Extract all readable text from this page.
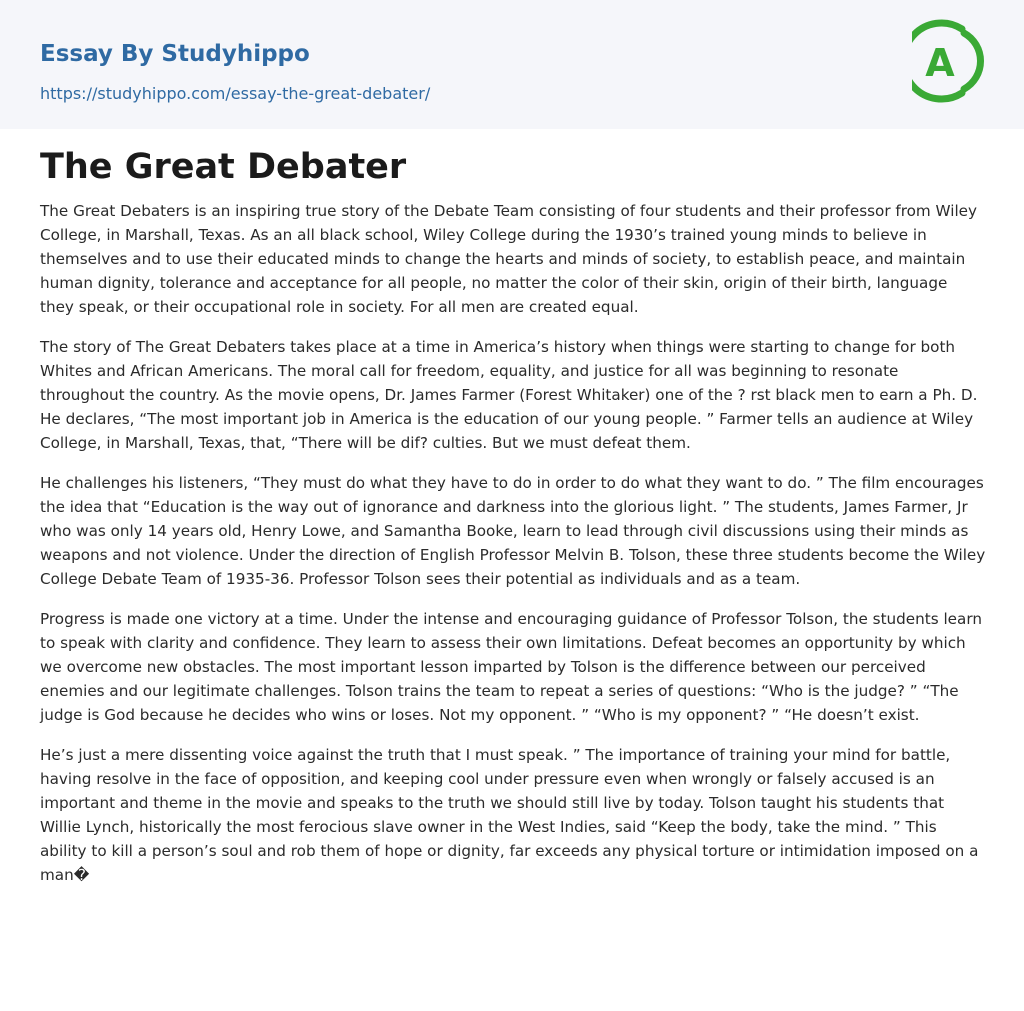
Essay By Studyhippo
https://studyhippo.com/essay-the-great-debater/
A
The Great Debater

The Great Debaters is an inspiring true story of the Debate Team consisting of four students and their professor from Wiley College, in Marshall, Texas. As an all black school, Wiley College during the 1930’s trained young minds to believe in themselves and to use their educated minds to change the hearts and minds of society, to establish peace, and maintain human dignity, tolerance and acceptance for all people, no matter the color of their skin, origin of their birth, language they speak, or their occupational role in society. For all men are created equal.

The story of The Great Debaters takes place at a time in America’s history when things were starting to change for both Whites and African Americans. The moral call for freedom, equality, and justice for all was beginning to resonate throughout the country. As the movie opens, Dr. James Farmer (Forest Whitaker) one of the ? rst black men to earn a Ph. D. He declares, “The most important job in America is the education of our young people. ” Farmer tells an audience at Wiley College, in Marshall, Texas, that, “There will be dif? culties. But we must defeat them.

He challenges his listeners, “They must do what they have to do in order to do what they want to do. ” The film encourages the idea that “Education is the way out of ignorance and darkness into the glorious light. ” The students, James Farmer, Jr who was only 14 years old, Henry Lowe, and Samantha Booke, learn to lead through civil discussions using their minds as weapons and not violence. Under the direction of English Professor Melvin B. Tolson, these three students become the Wiley College Debate Team of 1935-36. Professor Tolson sees their potential as individuals and as a team.

Progress is made one victory at a time. Under the intense and encouraging guidance of Professor Tolson, the students learn to speak with clarity and confidence. They learn to assess their own limitations. Defeat becomes an opportunity by which we overcome new obstacles. The most important lesson imparted by Tolson is the difference between our perceived enemies and our legitimate challenges. Tolson trains the team to repeat a series of questions: “Who is the judge? ” “The judge is God because he decides who wins or loses. Not my opponent. ” “Who is my opponent? ” “He doesn’t exist.

He’s just a mere dissenting voice against the truth that I must speak. ” The importance of training your mind for battle, having resolve in the face of opposition, and keeping cool under pressure even when wrongly or falsely accused is an important and theme in the movie and speaks to the truth we should still live by today. Tolson taught his students that Willie Lynch, historically the most ferocious slave owner in the West Indies, said “Keep the body, take the mind. ” This ability to kill a person’s soul and rob them of hope or dignity, far exceeds any physical torture or intimidation imposed on a man�
